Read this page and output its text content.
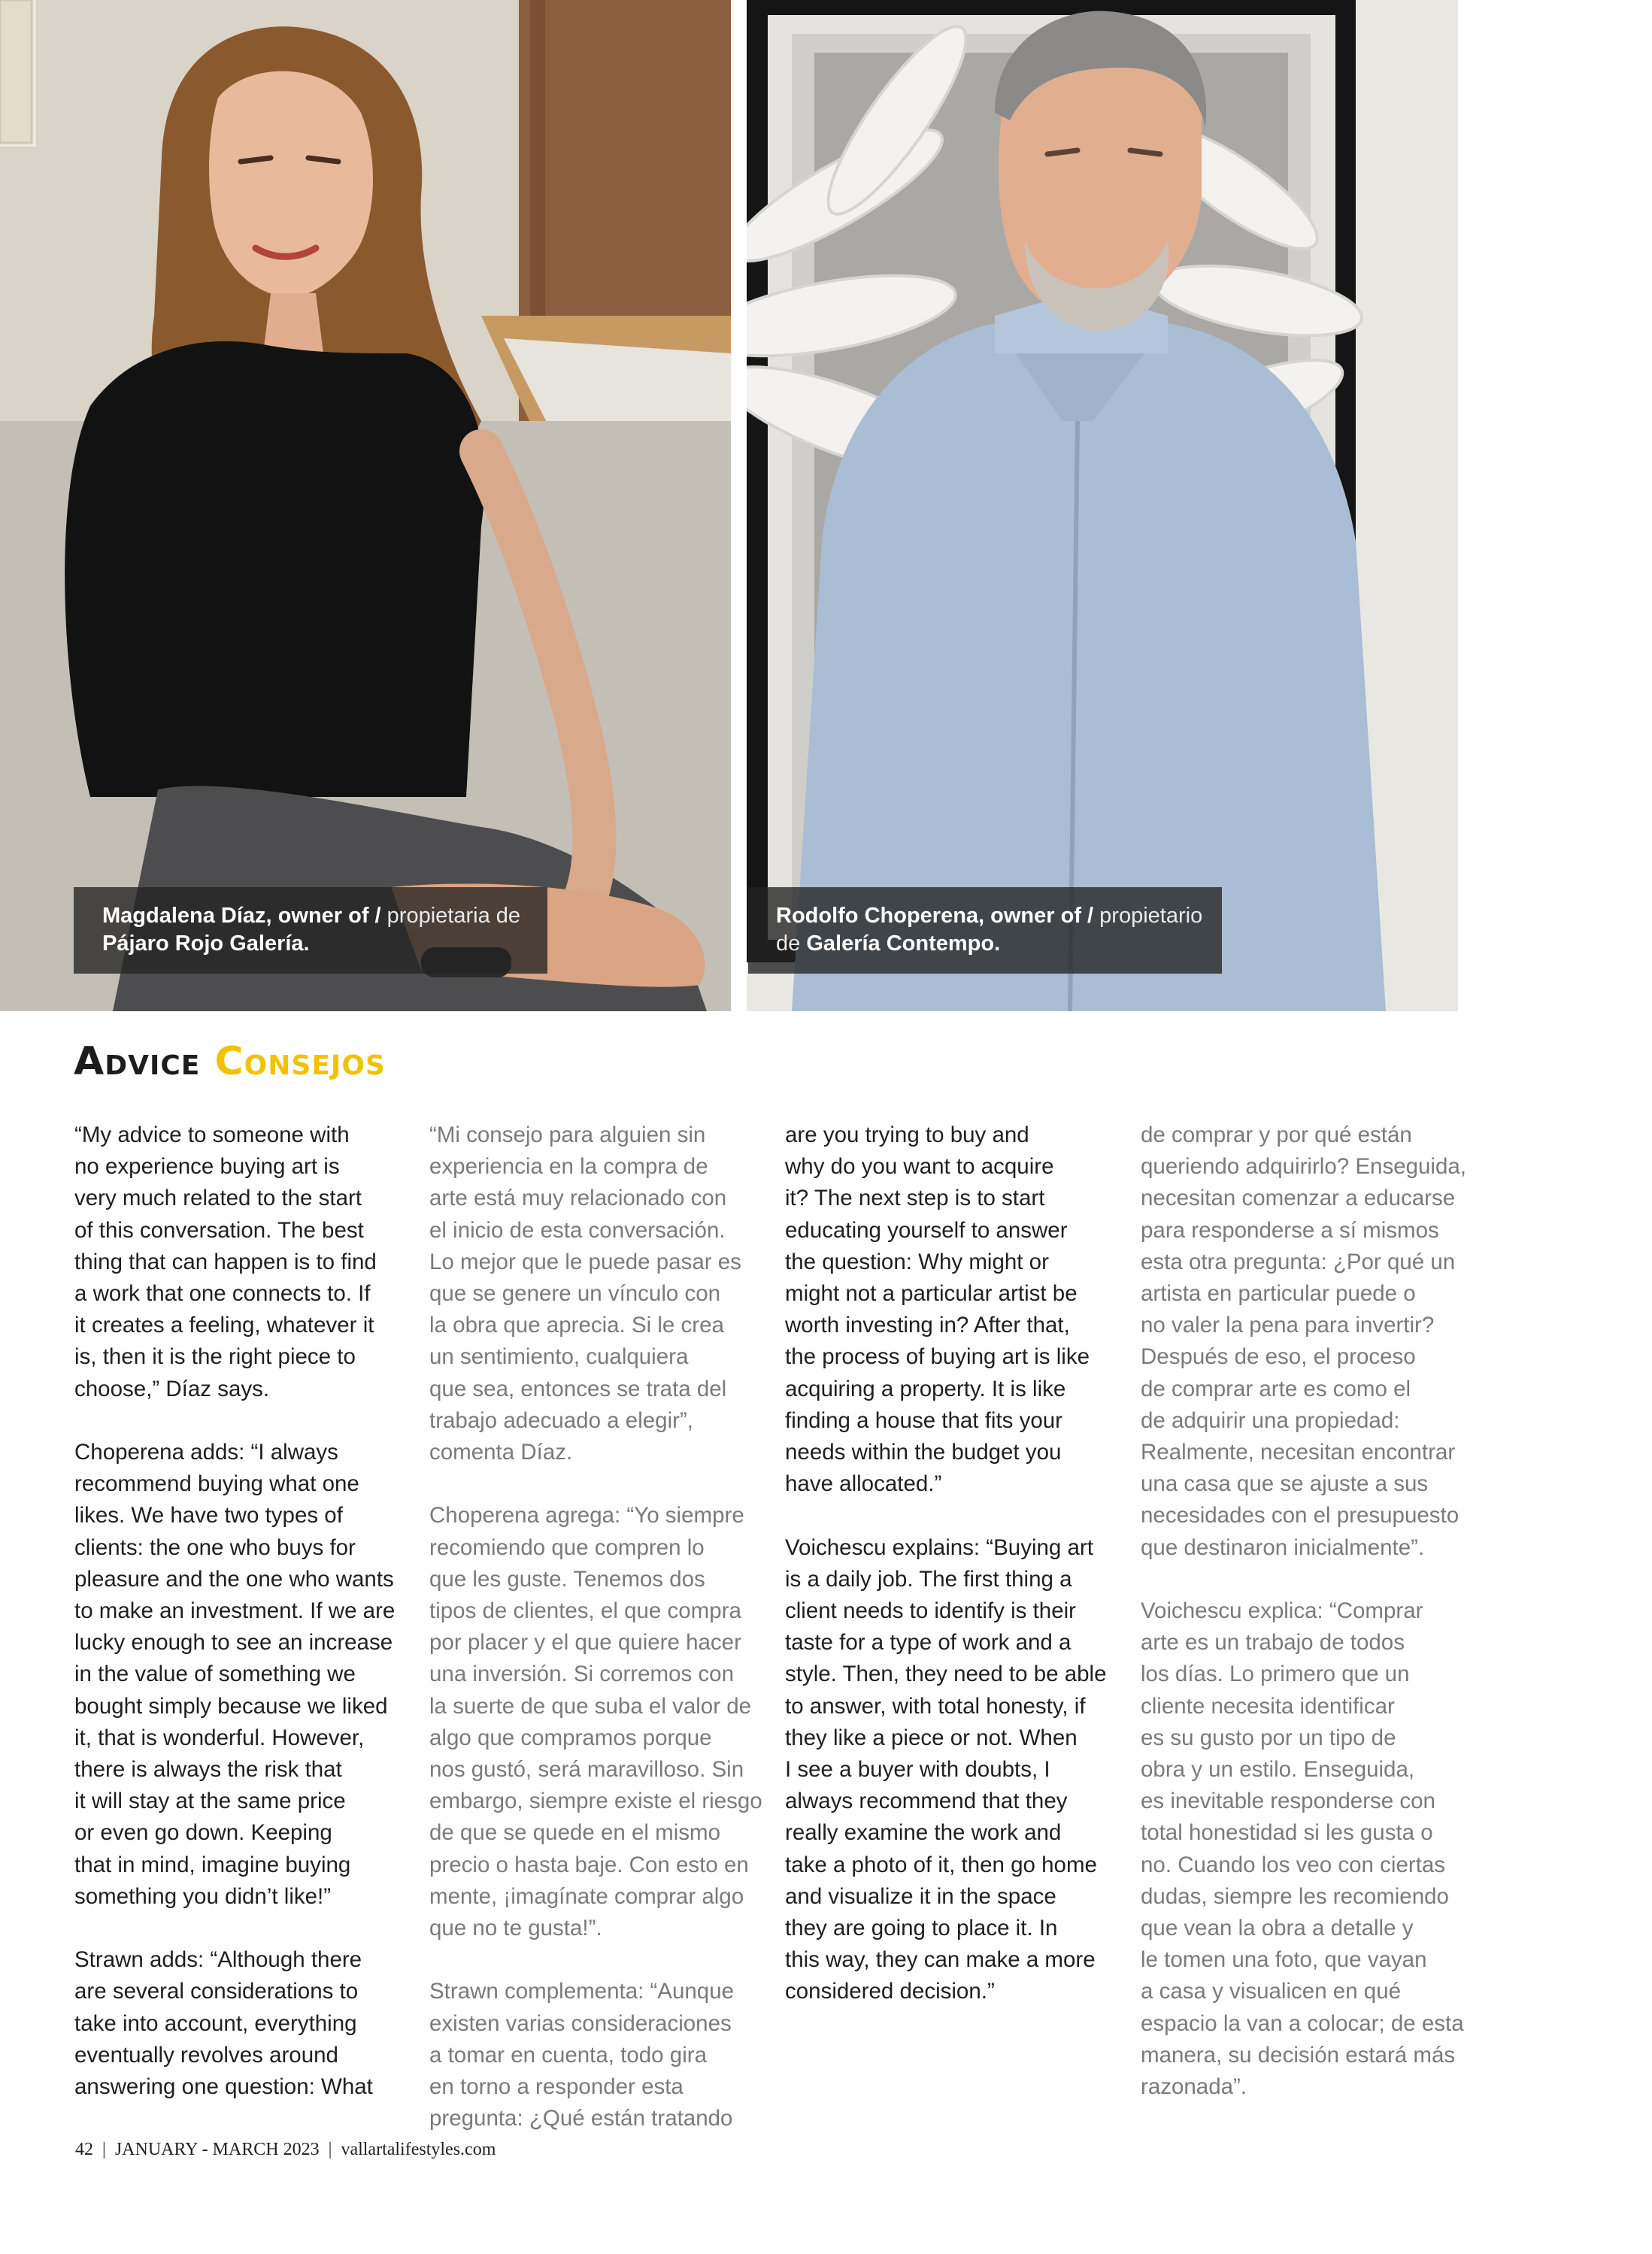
Magdalena Díaz, owner of / propietaria de
Pájaro Rojo Galería.
Rodolfo Choperena, owner of / propietario
de Galería Contempo.
Advice Consejos
“My advice to someone with
no experience buying art is
very much related to the start
of this conversation. The best
thing that can happen is to find
a work that one connects to. If
it creates a feeling, whatever it
is, then it is the right piece to
choose,” Díaz says.

Choperena adds: “I always
recommend buying what one
likes. We have two types of
clients: the one who buys for
pleasure and the one who wants
to make an investment. If we are
lucky enough to see an increase
in the value of something we
bought simply because we liked
it, that is wonderful. However,
there is always the risk that
it will stay at the same price
or even go down. Keeping
that in mind, imagine buying
something you didn’t like!”

Strawn adds: “Although there
are several considerations to
take into account, everything
eventually revolves around
answering one question: What
“Mi consejo para alguien sin
experiencia en la compra de
arte está muy relacionado con
el inicio de esta conversación.
Lo mejor que le puede pasar es
que se genere un vínculo con
la obra que aprecia. Si le crea
un sentimiento, cualquiera
que sea, entonces se trata del
trabajo adecuado a elegir”,
comenta Díaz.

Choperena agrega: “Yo siempre
recomiendo que compren lo
que les guste. Tenemos dos
tipos de clientes, el que compra
por placer y el que quiere hacer
una inversión. Si corremos con
la suerte de que suba el valor de
algo que compramos porque
nos gustó, será maravilloso. Sin
embargo, siempre existe el riesgo
de que se quede en el mismo
precio o hasta baje. Con esto en
mente, ¡imagínate comprar algo
que no te gusta!”.

Strawn complementa: “Aunque
existen varias consideraciones
a tomar en cuenta, todo gira
en torno a responder esta
pregunta: ¿Qué están tratando
are you trying to buy and
why do you want to acquire
it? The next step is to start
educating yourself to answer
the question: Why might or
might not a particular artist be
worth investing in? After that,
the process of buying art is like
acquiring a property. It is like
finding a house that fits your
needs within the budget you
have allocated.”

Voichescu explains: “Buying art
is a daily job. The first thing a
client needs to identify is their
taste for a type of work and a
style. Then, they need to be able
to answer, with total honesty, if
they like a piece or not. When
I see a buyer with doubts, I
always recommend that they
really examine the work and
take a photo of it, then go home
and visualize it in the space
they are going to place it. In
this way, they can make a more
considered decision.”
de comprar y por qué están
queriendo adquirirlo? Enseguida,
necesitan comenzar a educarse
para responderse a sí mismos
esta otra pregunta: ¿Por qué un
artista en particular puede o
no valer la pena para invertir?
Después de eso, el proceso
de comprar arte es como el
de adquirir una propiedad:
Realmente, necesitan encontrar
una casa que se ajuste a sus
necesidades con el presupuesto
que destinaron inicialmente”.

Voichescu explica: “Comprar
arte es un trabajo de todos
los días. Lo primero que un
cliente necesita identificar
es su gusto por un tipo de
obra y un estilo. Enseguida,
es inevitable responderse con
total honestidad si les gusta o
no. Cuando los veo con ciertas
dudas, siempre les recomiendo
que vean la obra a detalle y
le tomen una foto, que vayan
a casa y visualicen en qué
espacio la van a colocar; de esta
manera, su decisión estará más
razonada”.
42 | JANUARY - MARCH 2023 | vallartalifestyles.com
